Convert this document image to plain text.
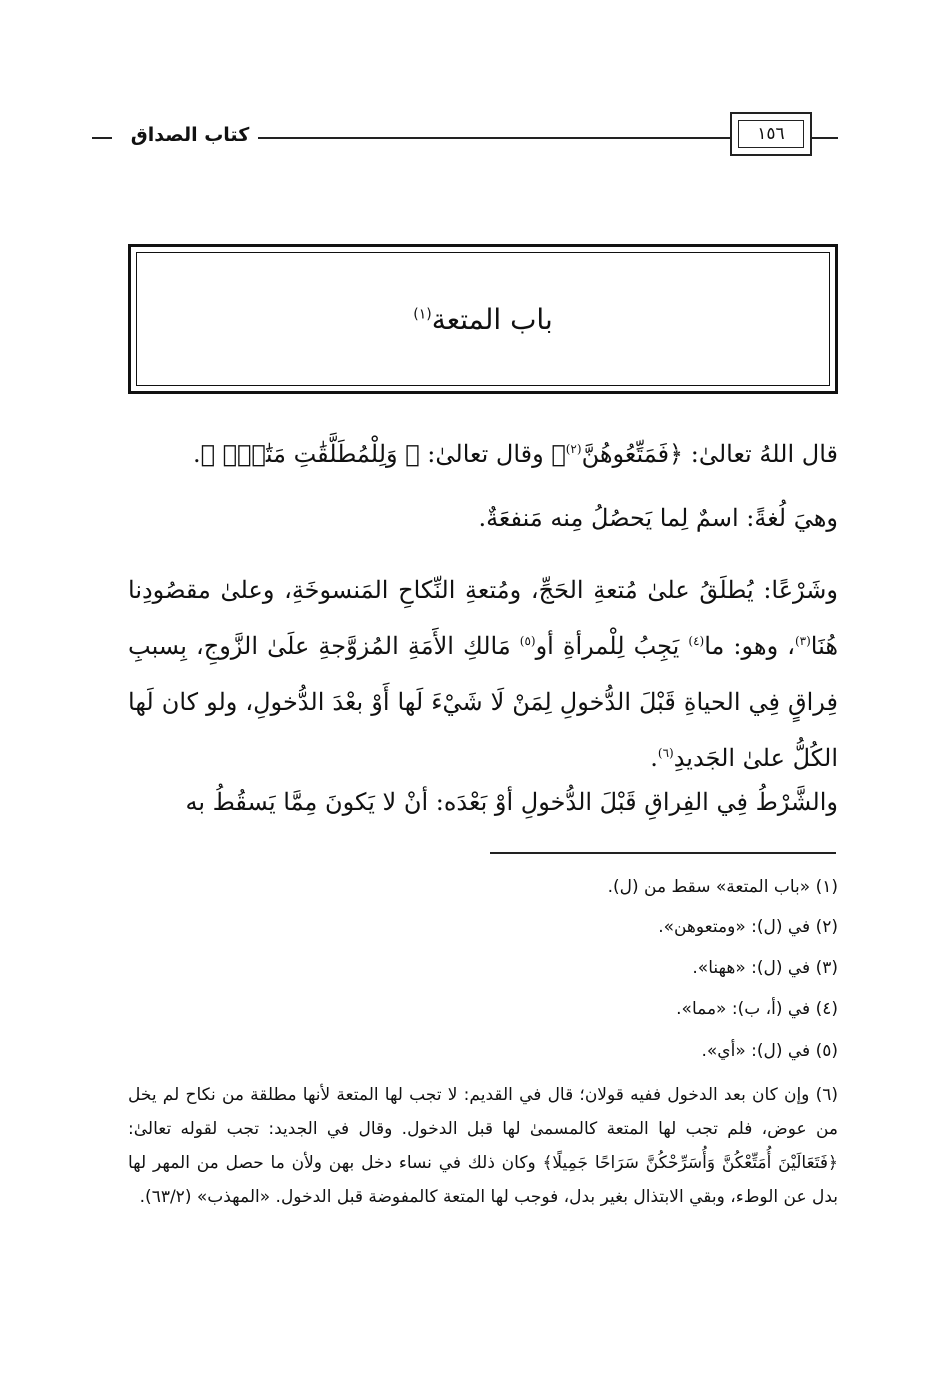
كتاب الصداق	١٥٦
باب المتعة$^{(١)}$
قال اللهُ تعالىٰ: ﴿فَمَتِّعُوهُنَّ$^{(٢)}$﴾ وقال تعالىٰ: ﴿ وَلِلْمُطَلَّقَٰتِ مَتَٰعٌۢ ﴾.
وهيَ لُغةً: اسمٌ لِما يَحصُلُ مِنه مَنفعَةٌ.
وشَرْعًا: يُطلَقُ علىٰ مُتعةِ الحَجِّ، ومُتعةِ النِّكاحِ المَنسوخَةِ، وعلىٰ مقصُودِنا هُنَا$^{(٣)}$، وهو: ما$^{(٤)}$ يَجِبُ لِلْمرأةِ أو$^{(٥)}$ مَالكِ الأَمَةِ المُزوَّجةِ علَىٰ الزَّوجِ، بِسببِ فِراقٍ فِي الحياةِ قَبْلَ الدُّخولِ لِمَنْ لَا شَيْءَ لَها أَوْ بعْدَ الدُّخولِ، ولو كان لَها الكُلُّ علىٰ الجَديدِ$^{(٦)}$.
والشَّرْطُ فِي الفِراقِ قَبْلَ الدُّخولِ أوْ بَعْدَه: أنْ لا يَكونَ مِمَّا يَسقُطُ به
(١) «باب المتعة» سقط من (ل).
(٢) في (ل): «ومتعوهن».
(٣) في (ل): «ههنا».
(٤) في (أ، ب): «مما».
(٥) في (ل): «أي».
(٦) وإن كان بعد الدخول ففيه قولان؛ قال في القديم: لا تجب لها المتعة لأنها مطلقة من نكاح لم يخل من عوض، فلم تجب لها المتعة كالمسمىٰ لها قبل الدخول. وقال في الجديد: تجب لقوله تعالىٰ: ﴿فَتَعَالَيْنَ أُمَتِّعْكُنَّ وَأُسَرِّحْكُنَّ سَرَاحًا جَمِيلًا﴾ وكان ذلك في نساء دخل بهن ولأن ما حصل من المهر لها بدل عن الوطء، وبقي الابتذال بغير بدل، فوجب لها المتعة كالمفوضة قبل الدخول. «المهذب» (٦٣/٢).
